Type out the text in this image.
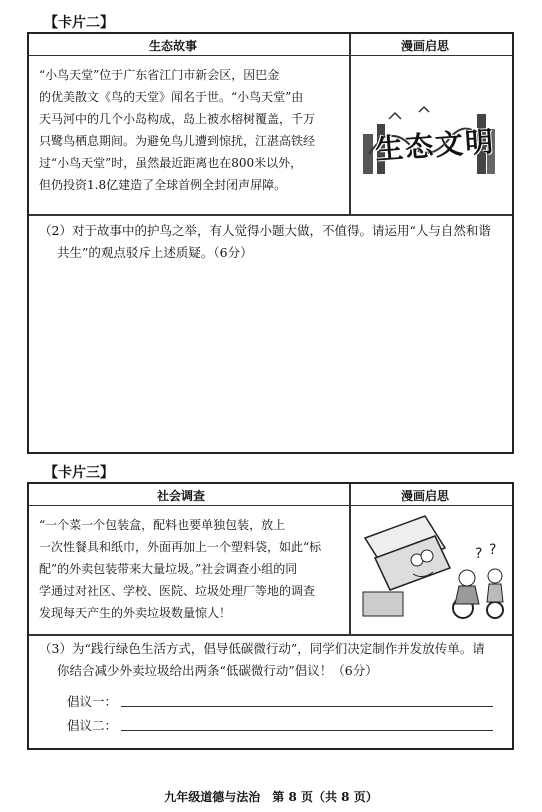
【卡片二】
生态故事	漫画启思
“小鸟天堂”位于广东省江门市新会区，因巴金
的优美散文《鸟的天堂》闻名于世。“小鸟天堂”由
天马河中的几个小岛构成，岛上被水榕树覆盖，千万
只鹭鸟栖息期间。为避免鸟儿遭到惊扰，江湛高铁经
过“小鸟天堂”时，虽然最近距离也在800米以外，
但仍投资1.8亿建造了全球首例全封闭声屏障。
生态文明
（2）对于故事中的护鸟之举，有人觉得小题大做，不值得。请运用“人与自然和谐
共生”的观点驳斥上述质疑。（6分）
【卡片三】
社会调查	漫画启思
“一个菜一个包装盒，配料也要单独包装，放上
一次性餐具和纸巾，外面再加上一个塑料袋，如此“标
配”的外卖包装带来大量垃圾。”社会调查小组的同
学通过对社区、学校、医院、垃圾处理厂等地的调查
发现每天产生的外卖垃圾数量惊人！
? ?
（3）为“践行绿色生活方式，倡导低碳微行动”，同学们决定制作并发放传单。请
你结合减少外卖垃圾给出两条“低碳微行动”倡议！（6分）
倡议一：
倡议二：
九年级道德与法治　第 8 页（共 8 页）
